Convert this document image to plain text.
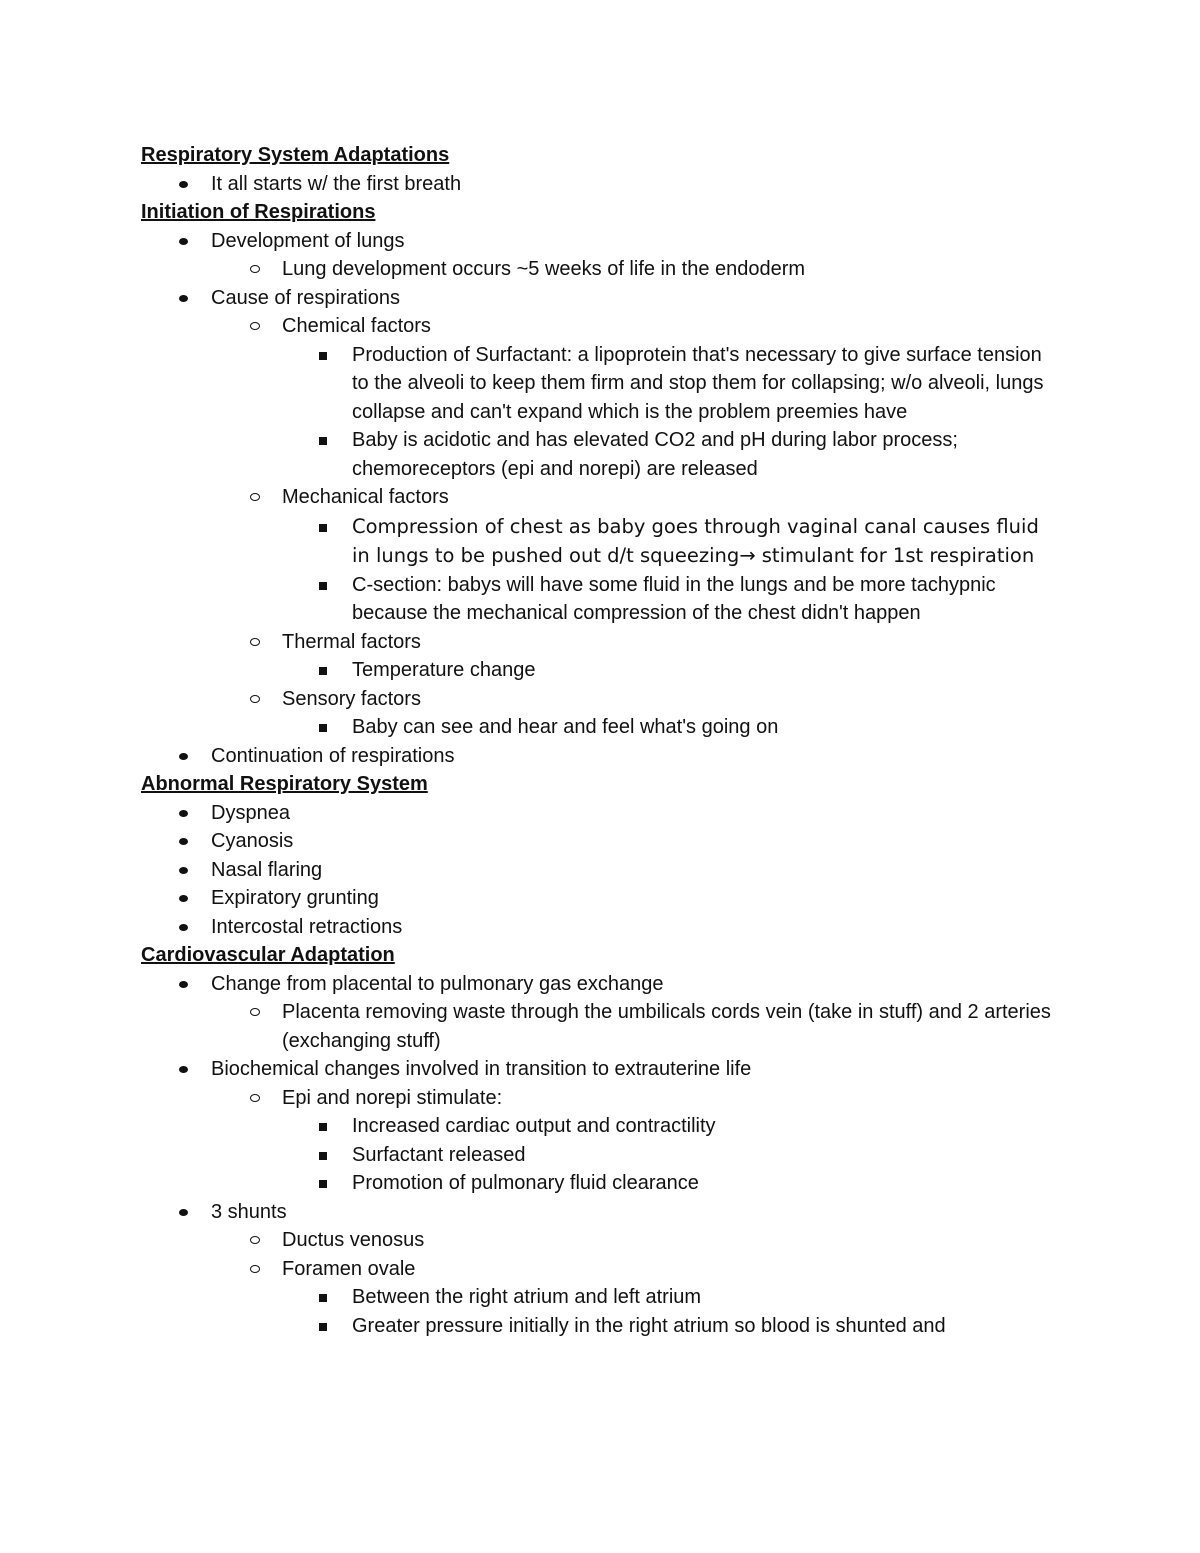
Respiratory System Adaptations
It all starts w/ the first breath
Initiation of Respirations
Development of lungs
Lung development occurs ~5 weeks of life in the endoderm
Cause of respirations
Chemical factors
Production of Surfactant: a lipoprotein that's necessary to give surface tension to the alveoli to keep them firm and stop them for collapsing; w/o alveoli, lungs collapse and can't expand which is the problem preemies have
Baby is acidotic and has elevated CO2 and pH during labor process; chemoreceptors (epi and norepi) are released
Mechanical factors
Compression of chest as baby goes through vaginal canal causes fluid in lungs to be pushed out d/t squeezing→ stimulant for 1st respiration
C-section: babys will have some fluid in the lungs and be more tachypnic because the mechanical compression of the chest didn't happen
Thermal factors
Temperature change
Sensory factors
Baby can see and hear and feel what's going on
Continuation of respirations
Abnormal Respiratory System
Dyspnea
Cyanosis
Nasal flaring
Expiratory grunting
Intercostal retractions
Cardiovascular Adaptation
Change from placental to pulmonary gas exchange
Placenta removing waste through the umbilicals cords vein (take in stuff) and 2 arteries (exchanging stuff)
Biochemical changes involved in transition to extrauterine life
Epi and norepi stimulate:
Increased cardiac output and contractility
Surfactant released
Promotion of pulmonary fluid clearance
3 shunts
Ductus venosus
Foramen ovale
Between the right atrium and left atrium
Greater pressure initially in the right atrium so blood is shunted and
